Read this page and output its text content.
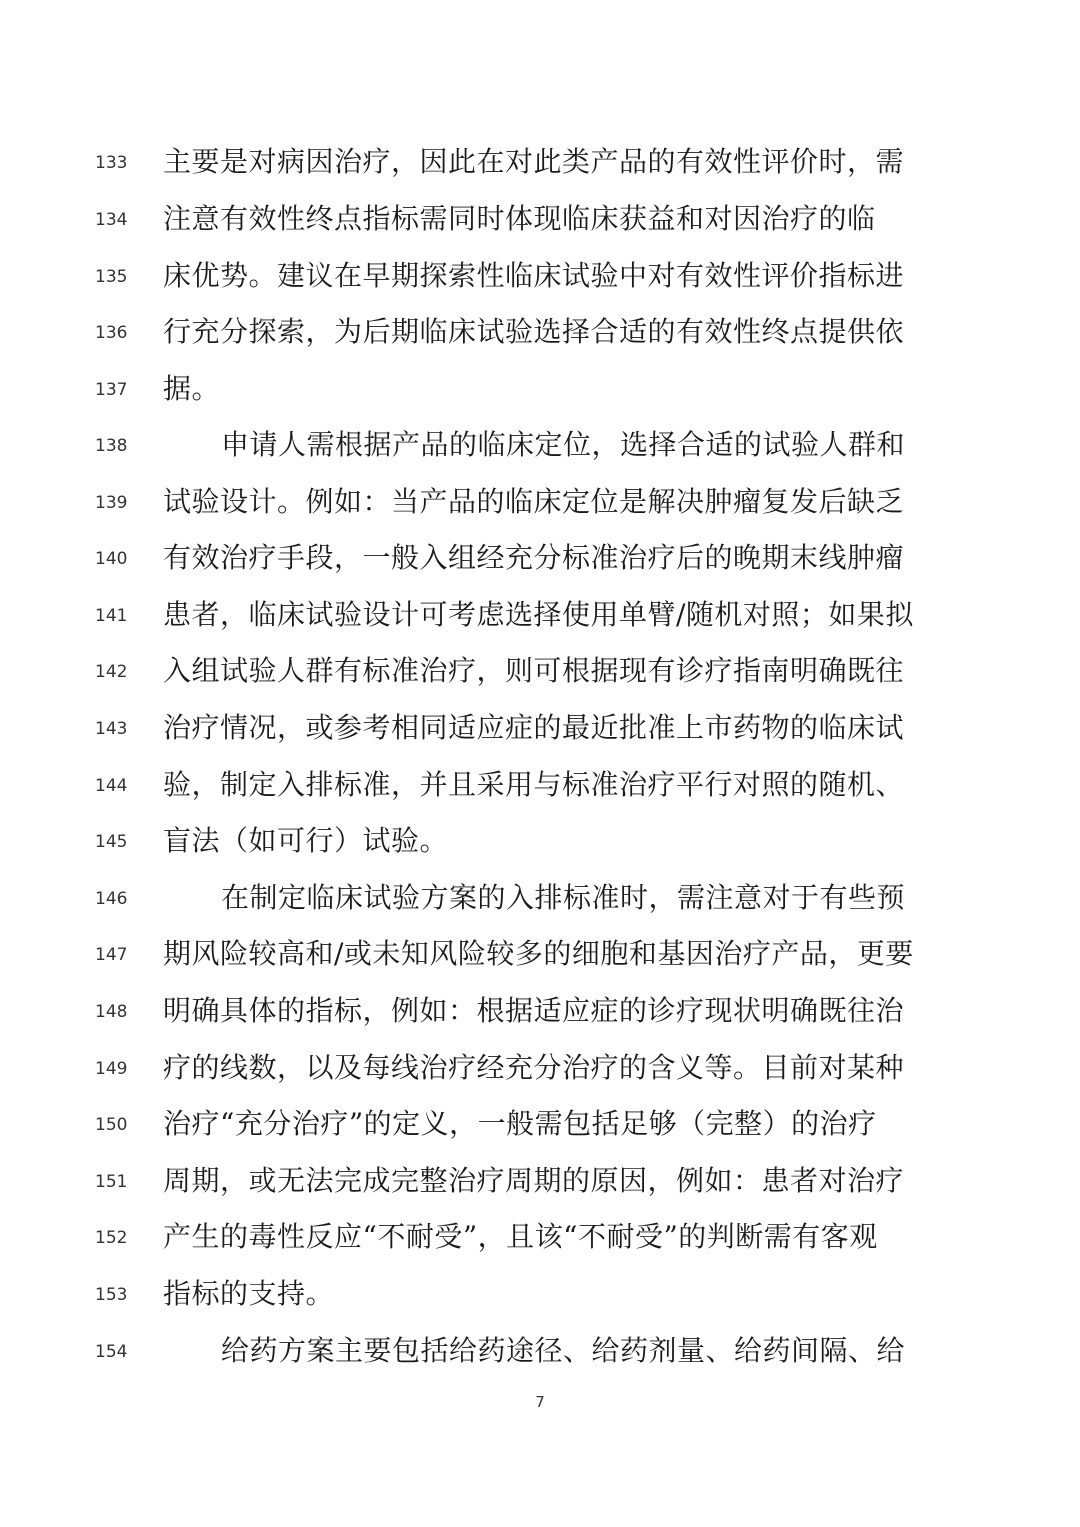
133 主要是对病因治疗，因此在对此类产品的有效性评价时，需
134 注意有效性终点指标需同时体现临床获益和对因治疗的临
135 床优势。建议在早期探索性临床试验中对有效性评价指标进
136 行充分探索，为后期临床试验选择合适的有效性终点提供依
137 据。
138	申请人需根据产品的临床定位，选择合适的试验人群和
139 试验设计。例如：当产品的临床定位是解决肿瘤复发后缺乏
140 有效治疗手段，一般入组经充分标准治疗后的晚期末线肿瘤
141 患者，临床试验设计可考虑选择使用单臂/随机对照；如果拟
142 入组试验人群有标准治疗，则可根据现有诊疗指南明确既往
143 治疗情况，或参考相同适应症的最近批准上市药物的临床试
144 验，制定入排标准，并且采用与标准治疗平行对照的随机、
145 盲法（如可行）试验。
146	在制定临床试验方案的入排标准时，需注意对于有些预
147 期风险较高和/或未知风险较多的细胞和基因治疗产品，更要
148 明确具体的指标，例如：根据适应症的诊疗现状明确既往治
149 疗的线数，以及每线治疗经充分治疗的含义等。目前对某种
150 治疗“充分治疗”的定义，一般需包括足够（完整）的治疗
151 周期，或无法完成完整治疗周期的原因，例如：患者对治疗
152 产生的毒性反应“不耐受”，且该“不耐受”的判断需有客观
153 指标的支持。
154	给药方案主要包括给药途径、给药剂量、给药间隔、给
7
